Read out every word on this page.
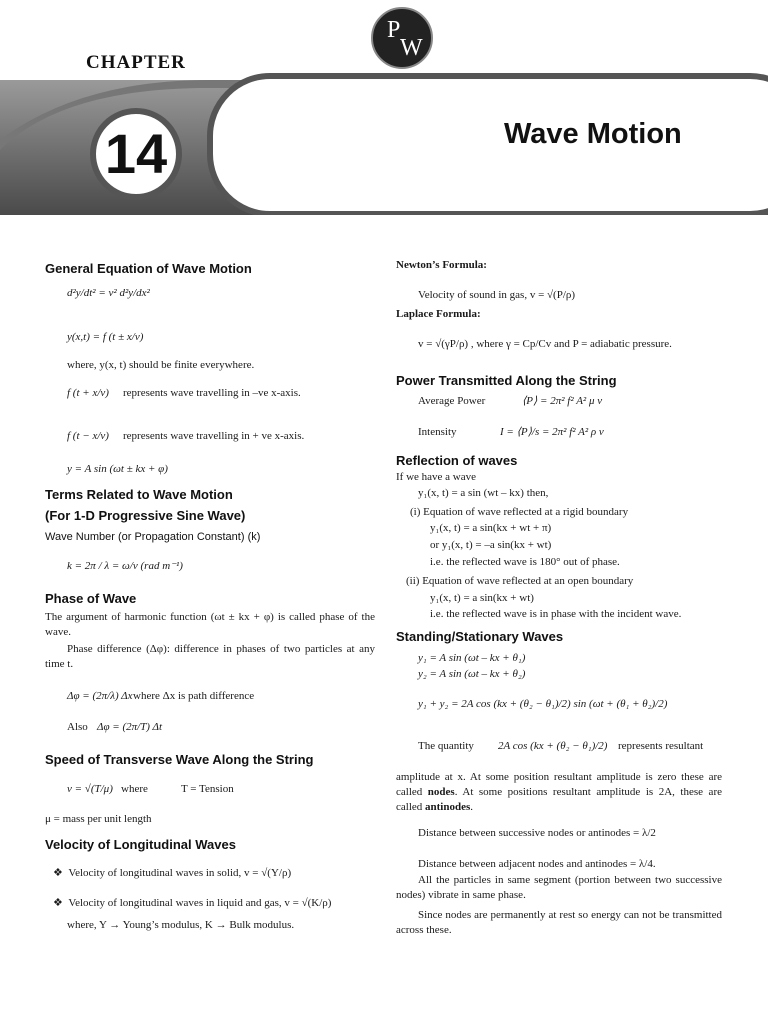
P
W
CHAPTER
14	Wave Motion
General Equation of Wave Motion
d²y/dt² = v² d²y/dx²
y(x,t) = f (t ± x/v)
where, y(x, t) should be finite everywhere.
f (t + x/v) represents wave travelling in –ve x-axis.
f (t − x/v) represents wave travelling in + ve x-axis.
y = A sin (ωt ± kx + φ)
Terms Related to Wave Motion
(For 1-D Progressive Sine Wave)
Wave Number (or Propagation Constant) (k)
k = 2π / λ = ω/v (rad m⁻¹)
Phase of Wave
The argument of harmonic function (ωt ± kx + φ) is called phase of the wave.
Phase difference (Δφ): difference in phases of two particles at any time t.
Δφ = (2π/λ) Δx where Δx is path difference
Also Δφ = (2π/T) Δt
Speed of Transverse Wave Along the String
v = √(T/μ) where	T = Tension
μ = mass per unit length
Velocity of Longitudinal Waves
❖  Velocity of longitudinal waves in solid, v = √(Y/ρ)
❖  Velocity of longitudinal waves in liquid and gas, v = √(K/ρ)
where, Y → Young’s modulus, K → Bulk modulus.
Newton’s Formula:
Velocity of sound in gas, v = √(P/ρ)
Laplace Formula:
v = √(γP/ρ) , where γ = Cp/Cv and P = adiabatic pressure.
Power Transmitted Along the String
Average Power	⟨P⟩ = 2π² f² A² μ v
Intensity	I = ⟨P⟩/s = 2π² f² A² ρ v
Reflection of waves
If we have a wave
y₁(x, t) = a sin (wt – kx) then,
(i) Equation of wave reflected at a rigid boundary
y₁(x, t) = a sin(kx + wt + π)
or y₁(x, t) = –a sin(kx + wt)
i.e. the reflected wave is 180° out of phase.
(ii) Equation of wave reflected at an open boundary
y₁(x, t) = a sin(kx + wt)
i.e. the reflected wave is in phase with the incident wave.
Standing/Stationary Waves
y₁ = A sin (ωt – kx + θ₁)
y₂ = A sin (ωt – kx + θ₂)
y₁ + y₂ = 2A cos (kx + (θ₂ − θ₁)/2) sin (ωt + (θ₁ + θ₂)/2)
The quantity 2A cos (kx + (θ₂ − θ₁)/2) represents resultant
amplitude at x. At some position resultant amplitude is zero these are called nodes. At some positions resultant amplitude is 2A, these are called antinodes.
Distance between successive nodes or antinodes = λ/2
Distance between adjacent nodes and antinodes = λ/4.
All the particles in same segment (portion between two successive nodes) vibrate in same phase.
Since nodes are permanently at rest so energy can not be transmitted across these.
